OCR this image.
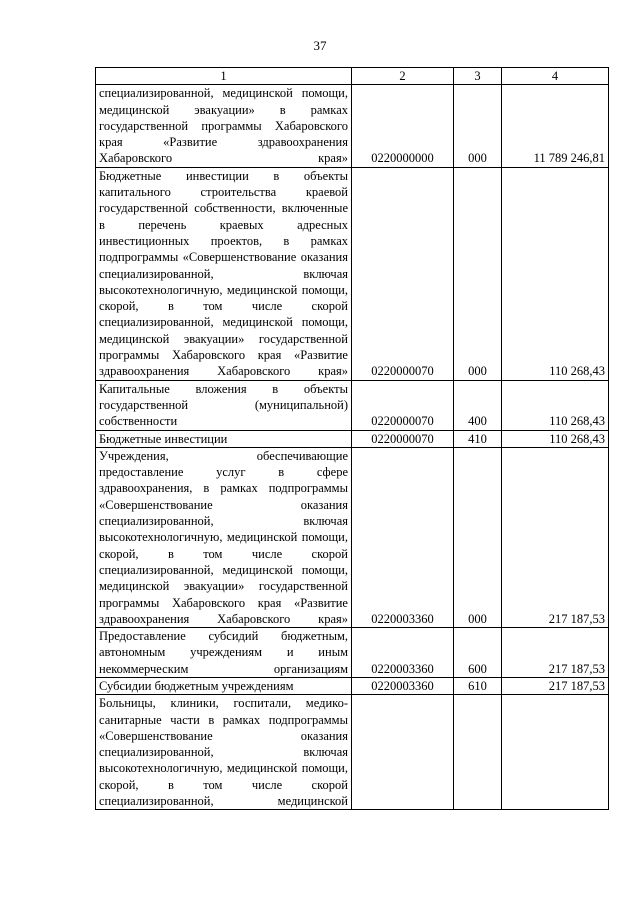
37
1	2	3	4
специализированной, медицинской помощи, медицинской эвакуации» в рамках государственной программы Хабаровского края «Развитие здравоохранения Хабаровского края»	0220000000	000	11 789 246,81
Бюджетные инвестиции в объекты капитального строительства краевой государственной собственности, включенные в перечень краевых адресных инвестиционных проектов, в рамках подпрограммы «Совершенствование оказания специализированной, включая высокотехнологичную, медицинской помощи, скорой, в том числе скорой специализированной, медицинской помощи, медицинской эвакуации» государственной программы Хабаровского края «Развитие здравоохранения Хабаровского края»	0220000070	000	110 268,43
Капитальные вложения в объекты государственной (муниципальной) собственности	0220000070	400	110 268,43
Бюджетные инвестиции	0220000070	410	110 268,43
Учреждения, обеспечивающие предоставление услуг в сфере здравоохранения, в рамках подпрограммы «Совершенствование оказания специализированной, включая высокотехнологичную, медицинской помощи, скорой, в том числе скорой специализированной, медицинской помощи, медицинской эвакуации» государственной программы Хабаровского края «Развитие здравоохранения Хабаровского края»	0220003360	000	217 187,53
Предоставление субсидий бюджетным, автономным учреждениям и иным некоммерческим организациям	0220003360	600	217 187,53
Субсидии бюджетным учреждениям	0220003360	610	217 187,53
Больницы, клиники, госпитали, медико-санитарные части в рамках подпрограммы «Совершенствование оказания специализированной, включая высокотехнологичную, медицинской помощи, скорой, в том числе скорой специализированной, медицинской			
